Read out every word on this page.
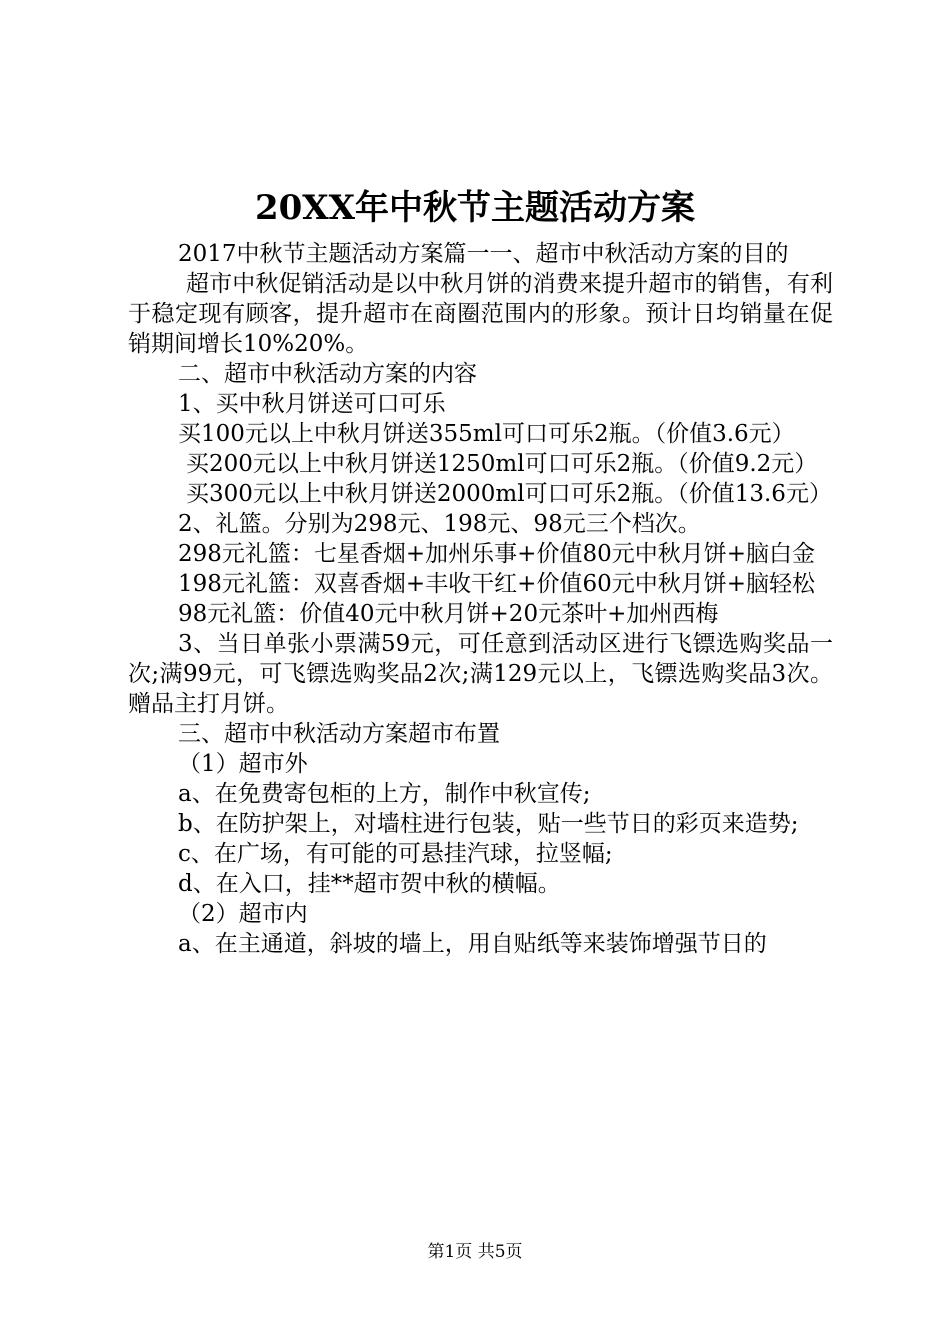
20XX年中秋节主题活动方案

2017中秋节主题活动方案篇一一、超市中秋活动方案的目的

超市中秋促销活动是以中秋月饼的消费来提升超市的销售，有利于稳定现有顾客，提升超市在商圈范围内的形象。预计日均销量在促销期间增长10%20%。

二、超市中秋活动方案的内容

1、买中秋月饼送可口可乐

买100元以上中秋月饼送355ml可口可乐2瓶。（价值3.6元）

买200元以上中秋月饼送1250ml可口可乐2瓶。（价值9.2元）

买300元以上中秋月饼送2000ml可口可乐2瓶。（价值13.6元）

2、礼篮。分别为298元、198元、98元三个档次。

298元礼篮：七星香烟+加州乐事+价值80元中秋月饼+脑白金

198元礼篮：双喜香烟+丰收干红+价值60元中秋月饼+脑轻松

98元礼篮：价值40元中秋月饼+20元茶叶+加州西梅

3、当日单张小票满59元，可任意到活动区进行飞镖选购奖品一次;满99元，可飞镖选购奖品2次;满129元以上，飞镖选购奖品3次。赠品主打月饼。

三、超市中秋活动方案超市布置

（1）超市外

a、在免费寄包柜的上方，制作中秋宣传;

b、在防护架上，对墙柱进行包装，贴一些节日的彩页来造势;

c、在广场，有可能的可悬挂汽球，拉竖幅;

d、在入口，挂**超市贺中秋的横幅。

（2）超市内

a、在主通道，斜坡的墙上，用自贴纸等来装饰增强节日的

第1页 共5页
